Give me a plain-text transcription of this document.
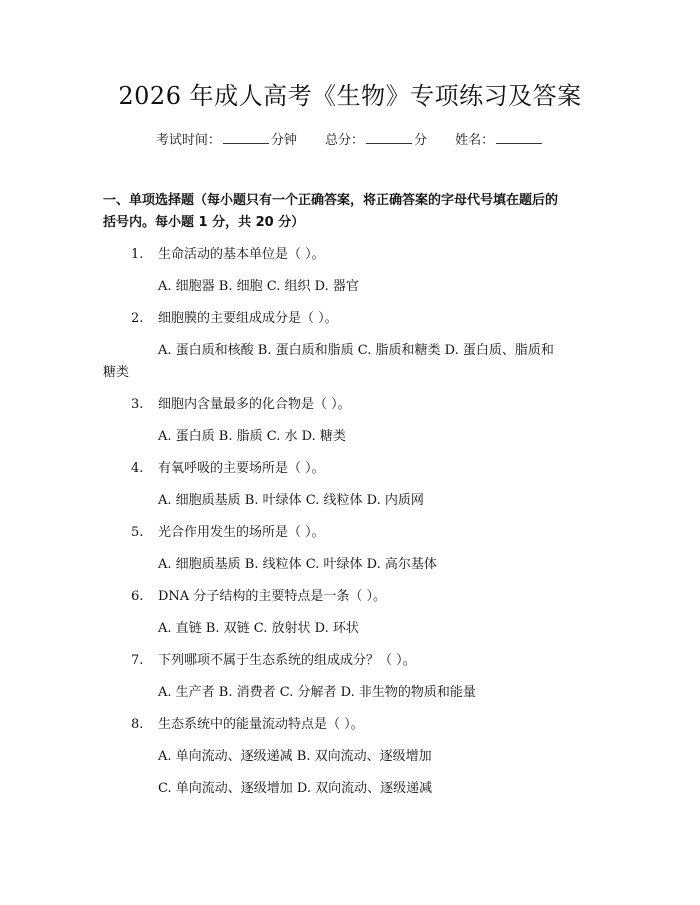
2026 年成人高考《生物》专项练习及答案
考试时间：	分钟 总分：	分 姓名：
一、单项选择题（每小题只有一个正确答案，将正确答案的字母代号填在题后的
括号内。每小题 1 分，共 20 分）
1.	生命活动的基本单位是（ ）。
A. 细胞器 B. 细胞 C. 组织 D. 器官
2.	细胞膜的主要组成成分是（ ）。
A. 蛋白质和核酸 B. 蛋白质和脂质 C. 脂质和糖类 D. 蛋白质、脂质和
糖类
3.	细胞内含量最多的化合物是（ ）。
A. 蛋白质 B. 脂质 C. 水 D. 糖类
4.	有氧呼吸的主要场所是（ ）。
A. 细胞质基质 B. 叶绿体 C. 线粒体 D. 内质网
5.	光合作用发生的场所是（ ）。
A. 细胞质基质 B. 线粒体 C. 叶绿体 D. 高尔基体
6.	DNA 分子结构的主要特点是一条（ ）。
A. 直链 B. 双链 C. 放射状 D. 环状
7.	下列哪项不属于生态系统的组成成分？（ ）。
A. 生产者 B. 消费者 C. 分解者 D. 非生物的物质和能量
8.	生态系统中的能量流动特点是（ ）。
A. 单向流动、逐级递减 B. 双向流动、逐级增加
C. 单向流动、逐级增加 D. 双向流动、逐级递减
